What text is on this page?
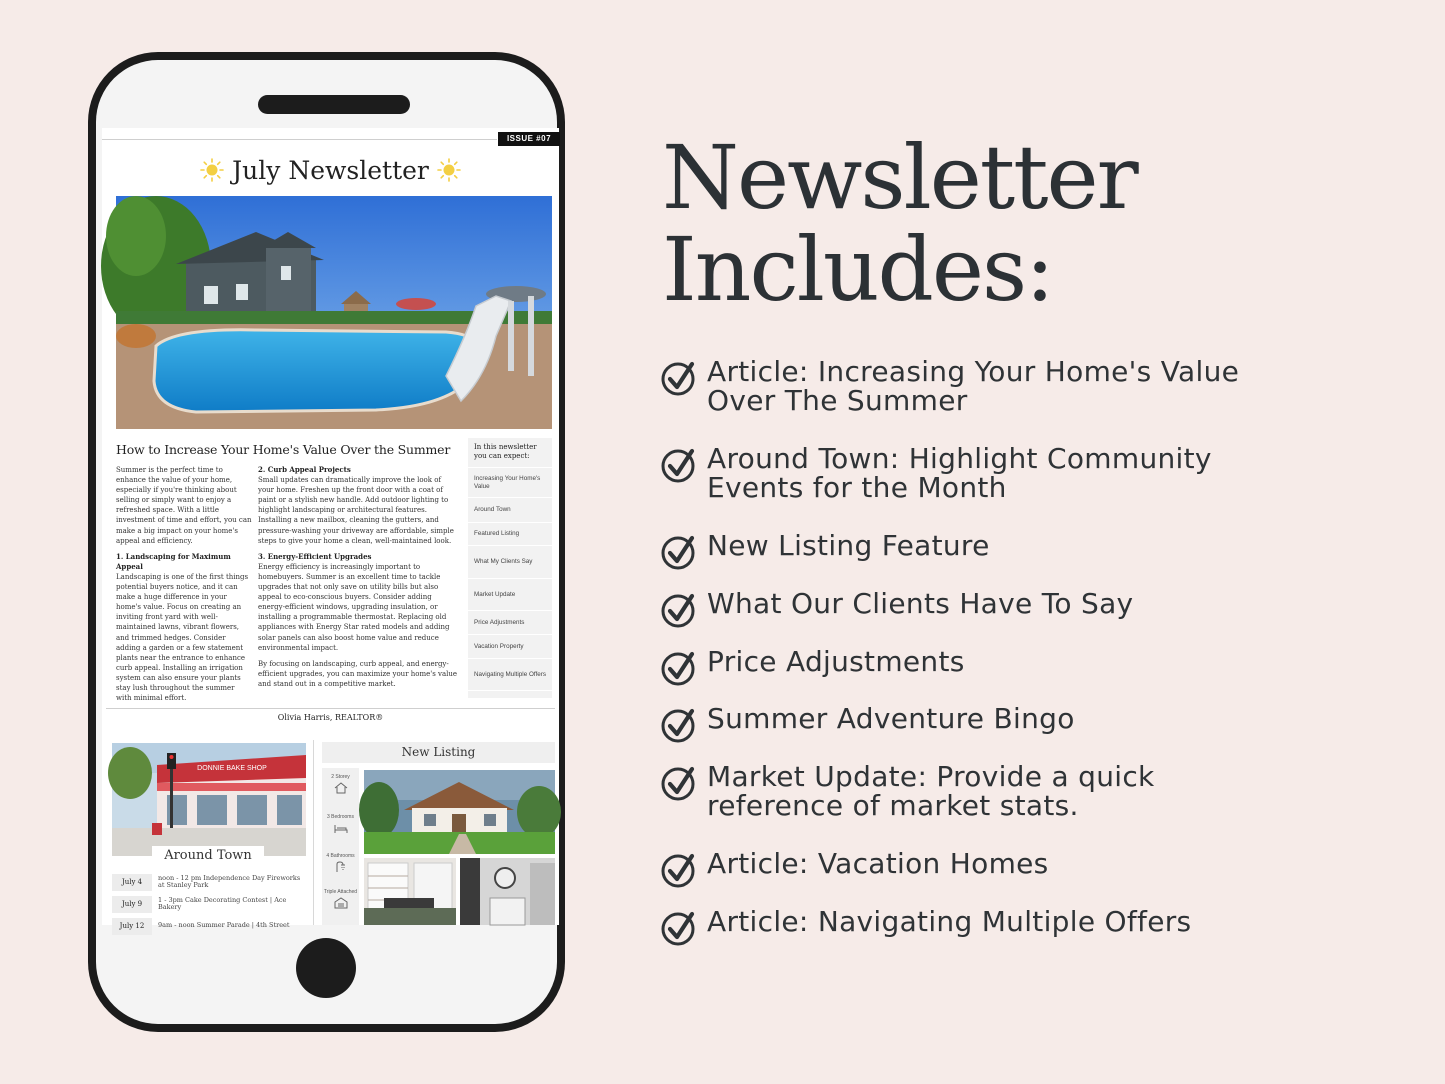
ISSUE #07
July Newsletter
How to Increase Your Home's Value Over the Summer

Summer is the perfect time to enhance the value of your home, especially if you're thinking about selling or simply want to enjoy a refreshed space. With a little investment of time and effort, you can make a big impact on your home's appeal and efficiency.

1. Landscaping for Maximum Appeal
Landscaping is one of the first things potential buyers notice, and it can make a huge difference in your home's value. Focus on creating an inviting front yard with well-maintained lawns, vibrant flowers, and trimmed hedges. Consider adding a garden or a few statement plants near the entrance to enhance curb appeal. Installing an irrigation system can also ensure your plants stay lush throughout the summer with minimal effort.

2. Curb Appeal Projects
Small updates can dramatically improve the look of your home. Freshen up the front door with a coat of paint or a stylish new handle. Add outdoor lighting to highlight landscaping or architectural features. Installing a new mailbox, cleaning the gutters, and pressure-washing your driveway are affordable, simple steps to give your home a clean, well-maintained look.

3. Energy-Efficient Upgrades
Energy efficiency is increasingly important to homebuyers. Summer is an excellent time to tackle upgrades that not only save on utility bills but also appeal to eco-conscious buyers. Consider adding energy-efficient windows, upgrading insulation, or installing a programmable thermostat. Replacing old appliances with Energy Star rated models and adding solar panels can also boost home value and reduce environmental impact.

By focusing on landscaping, curb appeal, and energy-efficient upgrades, you can maximize your home's value and stand out in a competitive market.

In this newsletter you can expect:
Increasing Your Home's Value
Around Town
Featured Listing
What My Clients Say
Market Update
Price Adjustments
Vacation Property
Navigating Multiple Offers
Olivia Harris, REALTOR®
DONNIE BAKE SHOP
Around Town
July 4	noon - 12 pm Independence Day Fireworks at Stanley Park
July 9	1 - 3pm Cake Decorating Contest | Ace Bakery
July 12	9am - noon Summer Parade | 4th Street
New Listing
2 Storey
3 Bedrooms
4 Bathrooms
Triple Attached
Newsletter
Includes:
Article: Increasing Your Home's Value
Over The Summer
Around Town: Highlight Community
Events for the Month
New Listing Feature
What Our Clients Have To Say
Price Adjustments
Summer Adventure Bingo
Market Update: Provide a quick
reference of market stats.
Article: Vacation Homes
Article: Navigating Multiple Offers
